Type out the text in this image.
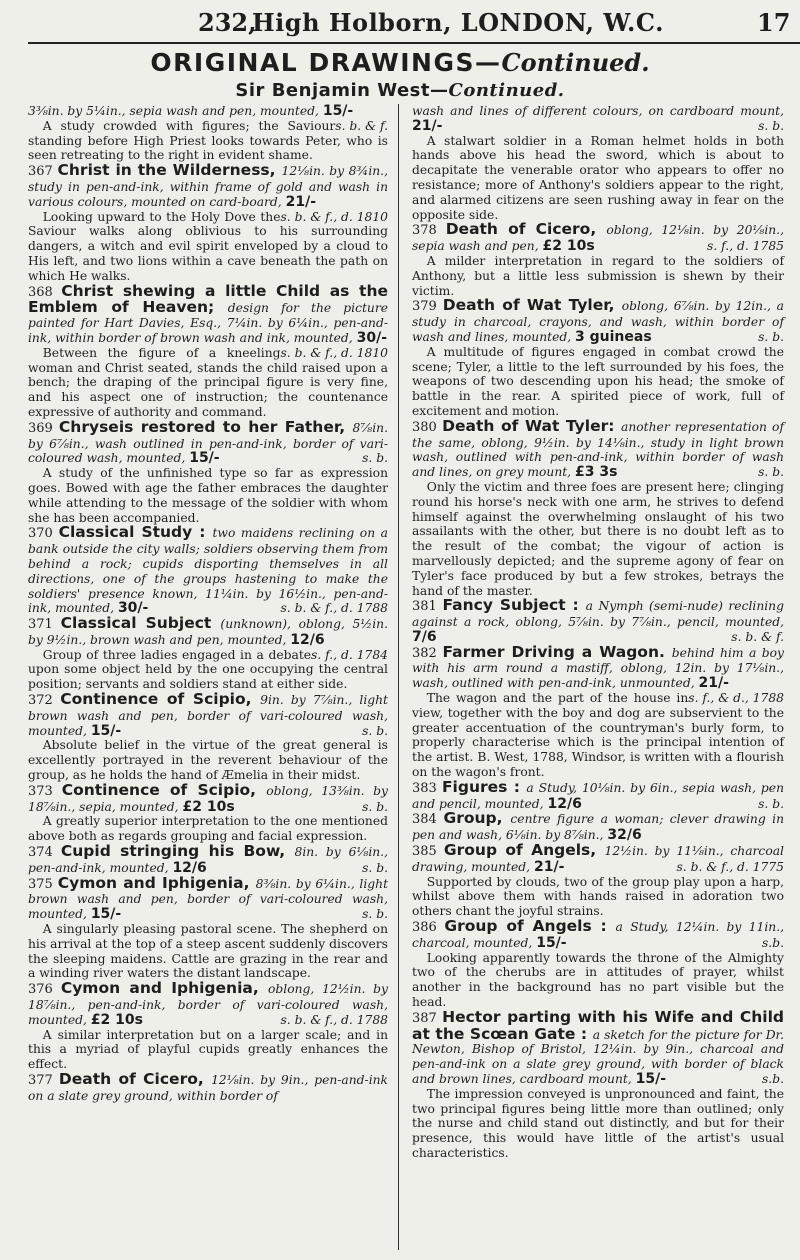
232,
High Holborn, LONDON, W.C.	17
ORIGINAL DRAWINGS—Continued.
Sir Benjamin West—Continued.

3⅜in. by 5¼in., sepia wash and pen, mounted, 15/-
s. b. & f.

A study crowded with figures; the Saviour standing before High Priest looks towards Peter, who is seen retreating to the right in evident shame.

367 Christ in the Wilderness, 12⅛in. by 8¾in., study in pen-and-ink, within frame of gold and wash in various colours, mounted on card-board, 21/-
s. b. & f., d. 1810

Looking upward to the Holy Dove the Saviour walks along oblivious to his surrounding dangers, a witch and evil spirit enveloped by a cloud to His left, and two lions within a cave beneath the path on which He walks.

368 Christ shewing a little Child as the Emblem of Heaven; design for the picture painted for Hart Davies, Esq., 7¼in. by 6¼in., pen-and-ink, within border of brown wash and ink, mounted, 30/-
s. b. & f., d. 1810

Between the figure of a kneeling woman and Christ seated, stands the child raised upon a bench; the draping of the principal figure is very fine, and his aspect one of instruction; the countenance expressive of authority and command.

369 Chryseis restored to her Father, 8⅞in. by 6⅞in., wash outlined in pen-and-ink, border of vari-coloured wash, mounted, 15/-	s. b.

A study of the unfinished type so far as expression goes. Bowed with age the father embraces the daughter while attending to the message of the soldier with whom she has been accompanied.

370 Classical Study : two maidens reclining on a bank outside the city walls; soldiers observing them from behind a rock; cupids disporting themselves in all directions, one of the groups hastening to make the soldiers' presence known, 11¼in. by 16½in., pen-and-ink, mounted, 30/-	s. b. & f., d. 1788

371 Classical Subject (unknown), oblong, 5½in. by 9½in., brown wash and pen, mounted, 12/6
s. f., d. 1784

Group of three ladies engaged in a debate upon some object held by the one occupying the central position; servants and soldiers stand at either side.

372 Continence of Scipio, 9in. by 7⅞in., light brown wash and pen, border of vari-coloured wash, mounted, 15/-	s. b.

Absolute belief in the virtue of the great general is excellently portrayed in the reverent behaviour of the group, as he holds the hand of Æmelia in their midst.

373 Continence of Scipio, oblong, 13⅜in. by 18⅞in., sepia, mounted, £2 10s	s. b.

A greatly superior interpretation to the one mentioned above both as regards grouping and facial expression.

374 Cupid stringing his Bow, 8in. by 6⅛in., pen-and-ink, mounted, 12/6	s. b.

375 Cymon and Iphigenia, 8⅜in. by 6¼in., light brown wash and pen, border of vari-coloured wash, mounted, 15/-	s. b.

A singularly pleasing pastoral scene. The shepherd on his arrival at the top of a steep ascent suddenly discovers the sleeping maidens. Cattle are grazing in the rear and a winding river waters the distant landscape.

376 Cymon and Iphigenia, oblong, 12½in. by 18⅞in., pen-and-ink, border of vari-coloured wash, mounted, £2 10s	s. b. & f., d. 1788

A similar interpretation but on a larger scale; and in this a myriad of playful cupids greatly enhances the effect.

377 Death of Cicero, 12⅛in. by 9in., pen-and-ink on a slate grey ground, within border of

wash and lines of different colours, on cardboard mount, 21/-	s. b.

A stalwart soldier in a Roman helmet holds in both hands above his head the sword, which is about to decapitate the venerable orator who appears to offer no resistance; more of Anthony's soldiers appear to the right, and alarmed citizens are seen rushing away in fear on the opposite side.

378 Death of Cicero, oblong, 12⅛in. by 20⅛in., sepia wash and pen, £2 10s	s. f., d. 1785

A milder interpretation in regard to the soldiers of Anthony, but a little less submission is shewn by their victim.

379 Death of Wat Tyler, oblong, 6⅞in. by 12in., a study in charcoal, crayons, and wash, within border of wash and lines, mounted, 3 guineas	s. b.

A multitude of figures engaged in combat crowd the scene; Tyler, a little to the left surrounded by his foes, the weapons of two descending upon his head; the smoke of battle in the rear. A spirited piece of work, full of excitement and motion.

380 Death of Wat Tyler: another representation of the same, oblong, 9½in. by 14⅛in., study in light brown wash, outlined with pen-and-ink, within border of wash and lines, on grey mount, £3 3s	s. b.

Only the victim and three foes are present here; clinging round his horse's neck with one arm, he strives to defend himself against the overwhelming onslaught of his two assailants with the other, but there is no doubt left as to the result of the combat; the vigour of action is marvellously depicted; and the supreme agony of fear on Tyler's face produced by but a few strokes, betrays the hand of the master.

381 Fancy Subject : a Nymph (semi-nude) reclining against a rock, oblong, 5⅞in. by 7⅞in., pencil, mounted, 7/6	s. b. & f.

382 Farmer Driving a Wagon. behind him a boy with his arm round a mastiff, oblong, 12in. by 17⅛in., wash, outlined with pen-and-ink, unmounted, 21/-
s. f., & d., 1788

The wagon and the part of the house in view, together with the boy and dog are subservient to the greater accentuation of the countryman's burly form, to properly characterise which is the principal intention of the artist. B. West, 1788, Windsor, is written with a flourish on the wagon's front.

383 Figures : a Study, 10⅛in. by 6in., sepia wash, pen and pencil, mounted, 12/6	s. b.

384 Group, centre figure a woman; clever drawing in pen and wash, 6⅛in. by 8⅞in., 32/6

385 Group of Angels, 12½in. by 11⅛in., charcoal drawing, mounted, 21/-	s. b. & f., d. 1775

Supported by clouds, two of the group play upon a harp, whilst above them with hands raised in adoration two others chant the joyful strains.

386 Group of Angels : a Study, 12¼in. by 11in., charcoal, mounted, 15/-	s.b.

Looking apparently towards the throne of the Almighty two of the cherubs are in attitudes of prayer, whilst another in the background has no part visible but the head.

387 Hector parting with his Wife and Child at the Scœan Gate : a sketch for the picture for Dr. Newton, Bishop of Bristol, 12¼in. by 9in., charcoal and pen-and-ink on a slate grey ground, with border of black and brown lines, cardboard mount, 15/-	s.b.

The impression conveyed is unpronounced and faint, the two principal figures being little more than outlined; only the nurse and child stand out distinctly, and but for their presence, this would have little of the artist's usual characteristics.
